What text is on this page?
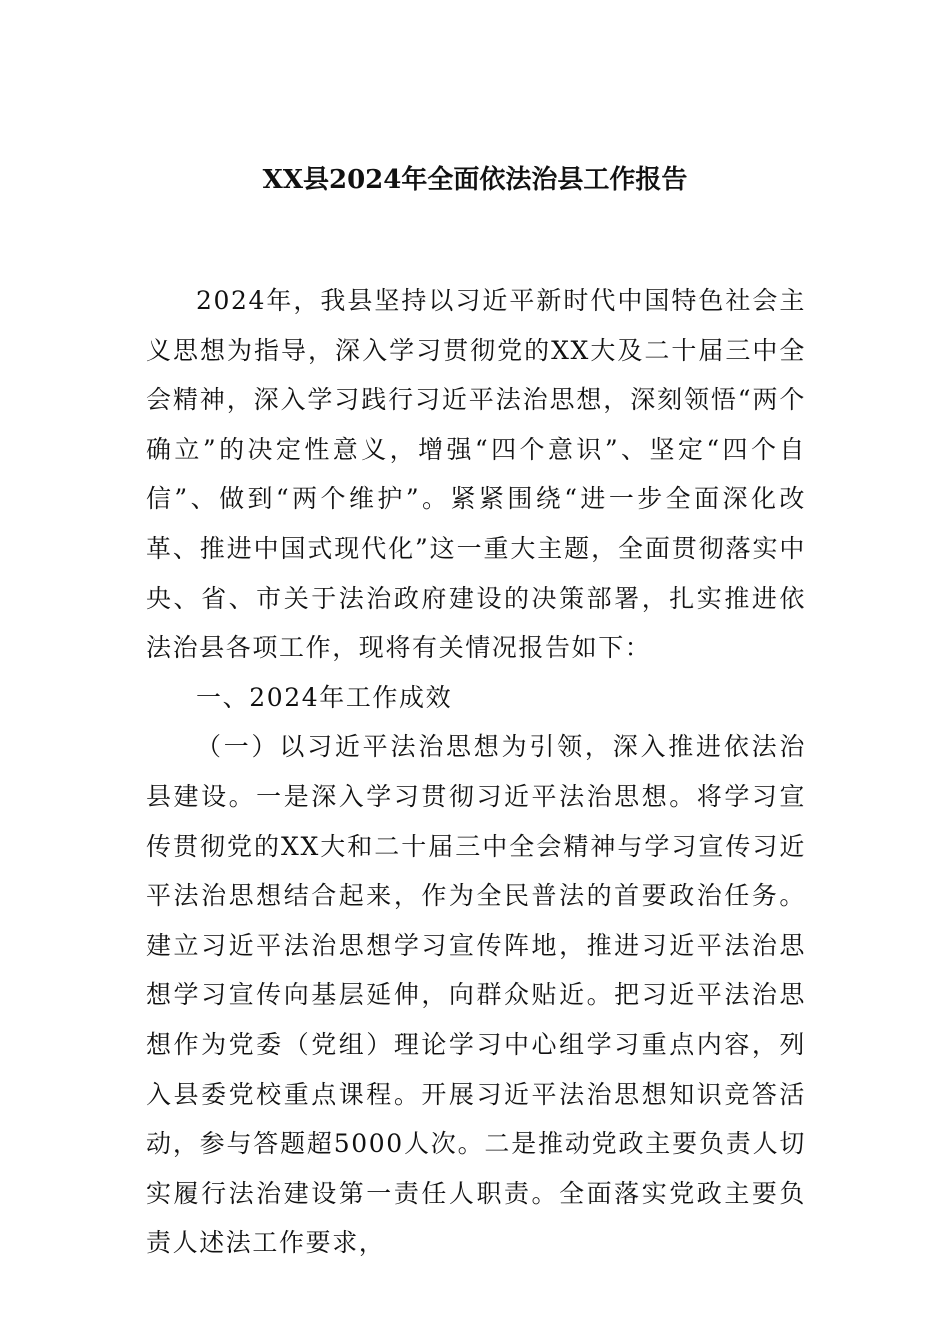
XX县2024年全面依法治县工作报告

2024年，我县坚持以习近平新时代中国特色社会主义思想为指导，深入学习贯彻党的XX大及二十届三中全会精神，深入学习践行习近平法治思想，深刻领悟“两个确立”的决定性意义，增强“四个意识”、坚定“四个自信”、做到“两个维护”。紧紧围绕“进一步全面深化改革、推进中国式现代化”这一重大主题，全面贯彻落实中央、省、市关于法治政府建设的决策部署，扎实推进依法治县各项工作，现将有关情况报告如下：

一、2024年工作成效

（一）以习近平法治思想为引领，深入推进依法治县建设。一是深入学习贯彻习近平法治思想。将学习宣传贯彻党的XX大和二十届三中全会精神与学习宣传习近平法治思想结合起来，作为全民普法的首要政治任务。建立习近平法治思想学习宣传阵地，推进习近平法治思想学习宣传向基层延伸，向群众贴近。把习近平法治思想作为党委（党组）理论学习中心组学习重点内容，列入县委党校重点课程。开展习近平法治思想知识竞答活动，参与答题超5000人次。二是推动党政主要负责人切实履行法治建设第一责任人职责。全面落实党政主要负责人述法工作要求，
